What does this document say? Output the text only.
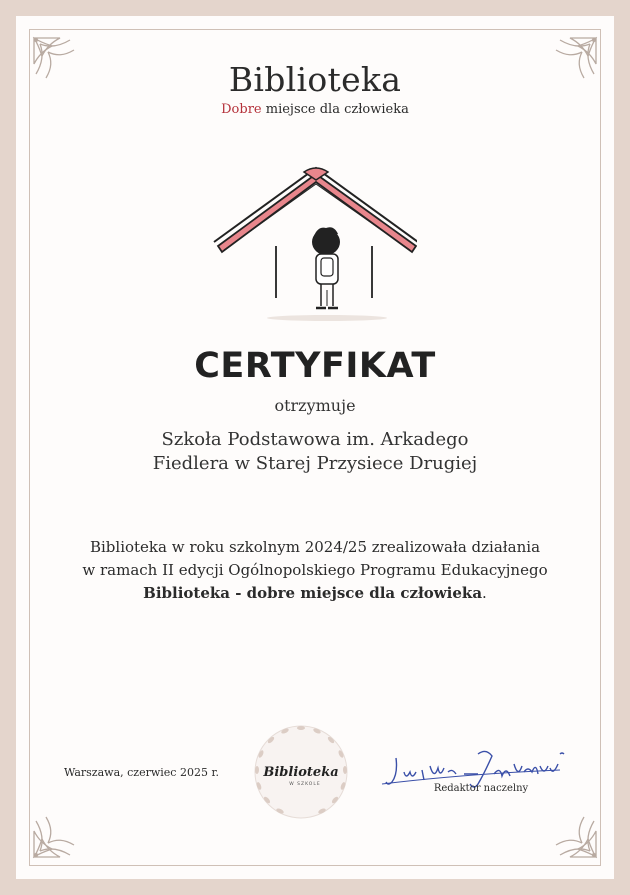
Biblioteka
Dobre miejsce dla człowieka
CERTYFIKAT
otrzymuje
Szkoła Podstawowa im. Arkadego
Fiedlera w Starej Przysiece Drugiej
Biblioteka w roku szkolnym 2024/25 zrealizowała działania
w ramach II edycji Ogólnopolskiego Programu Edukacyjnego
Biblioteka - dobre miejsce dla człowieka.
Warszawa, czerwiec 2025 r.	Biblioteka
W SZKOLE	Redaktor naczelny
